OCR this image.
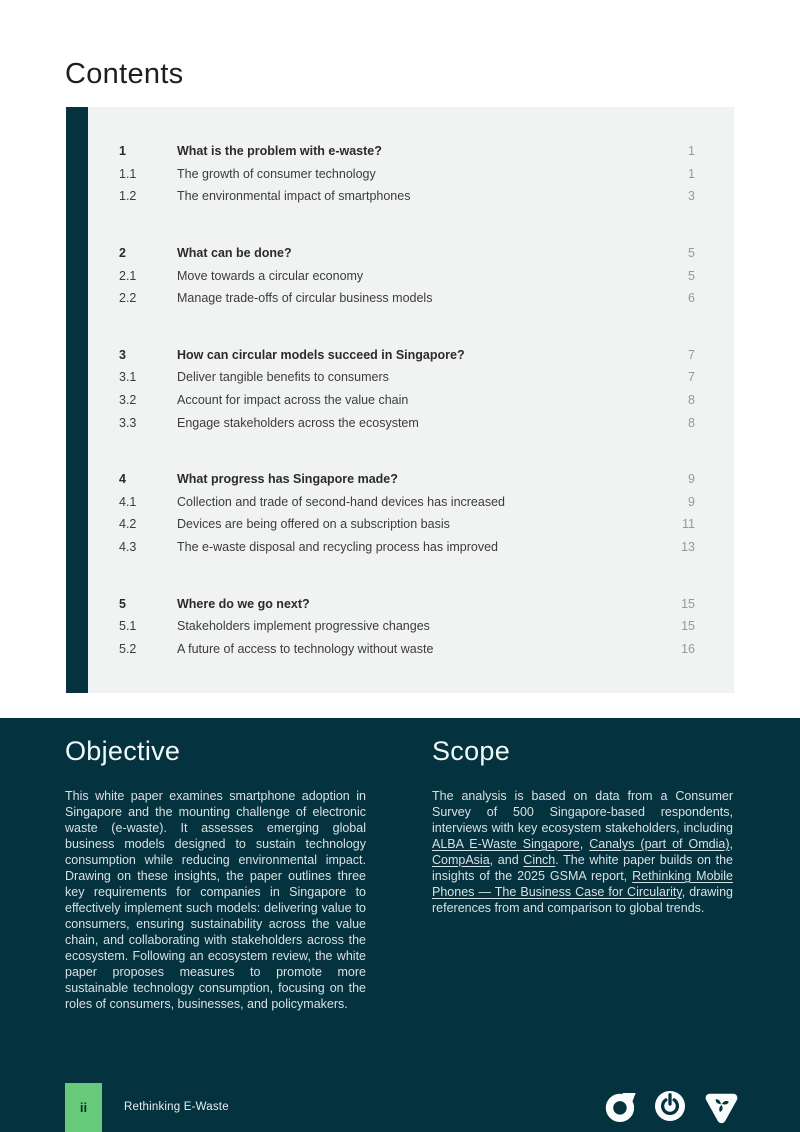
Contents
1	What is the problem with e-waste?	1
1.1	The growth of consumer technology	1
1.2	The environmental impact of smartphones	3
2	What can be done?	5
2.1	Move towards a circular economy	5
2.2	Manage trade-offs of circular business models	6
3	How can circular models succeed in Singapore?	7
3.1	Deliver tangible benefits to consumers	7
3.2	Account for impact across the value chain	8
3.3	Engage stakeholders across the ecosystem	8
4	What progress has Singapore made?	9
4.1	Collection and trade of second-hand devices has increased	9
4.2	Devices are being offered on a subscription basis	11
4.3	The e-waste disposal and recycling process has improved	13
5	Where do we go next?	15
5.1	Stakeholders implement progressive changes	15
5.2	A future of access to technology without waste	16
Objective
This white paper examines smartphone adoption in Singapore and the mounting challenge of electronic waste (e-waste). It assesses emerging global business models designed to sustain technology consumption while reducing environmental impact. Drawing on these insights, the paper outlines three key requirements for companies in Singapore to effectively implement such models: delivering value to consumers, ensuring sustainability across the value chain, and collaborating with stakeholders across the ecosystem. Following an ecosystem review, the white paper proposes measures to promote more sustainable technology consumption, focusing on the roles of consumers, businesses, and policymakers.
Scope
The analysis is based on data from a Consumer Survey of 500 Singapore-based respondents, interviews with key ecosystem stakeholders, including ALBA E-Waste Singapore, Canalys (part of Omdia), CompAsia, and Cinch. The white paper builds on the insights of the 2025 GSMA report, Rethinking Mobile Phones — The Business Case for Circularity, drawing references from and comparison to global trends.
ii	Rethinking E-Waste
